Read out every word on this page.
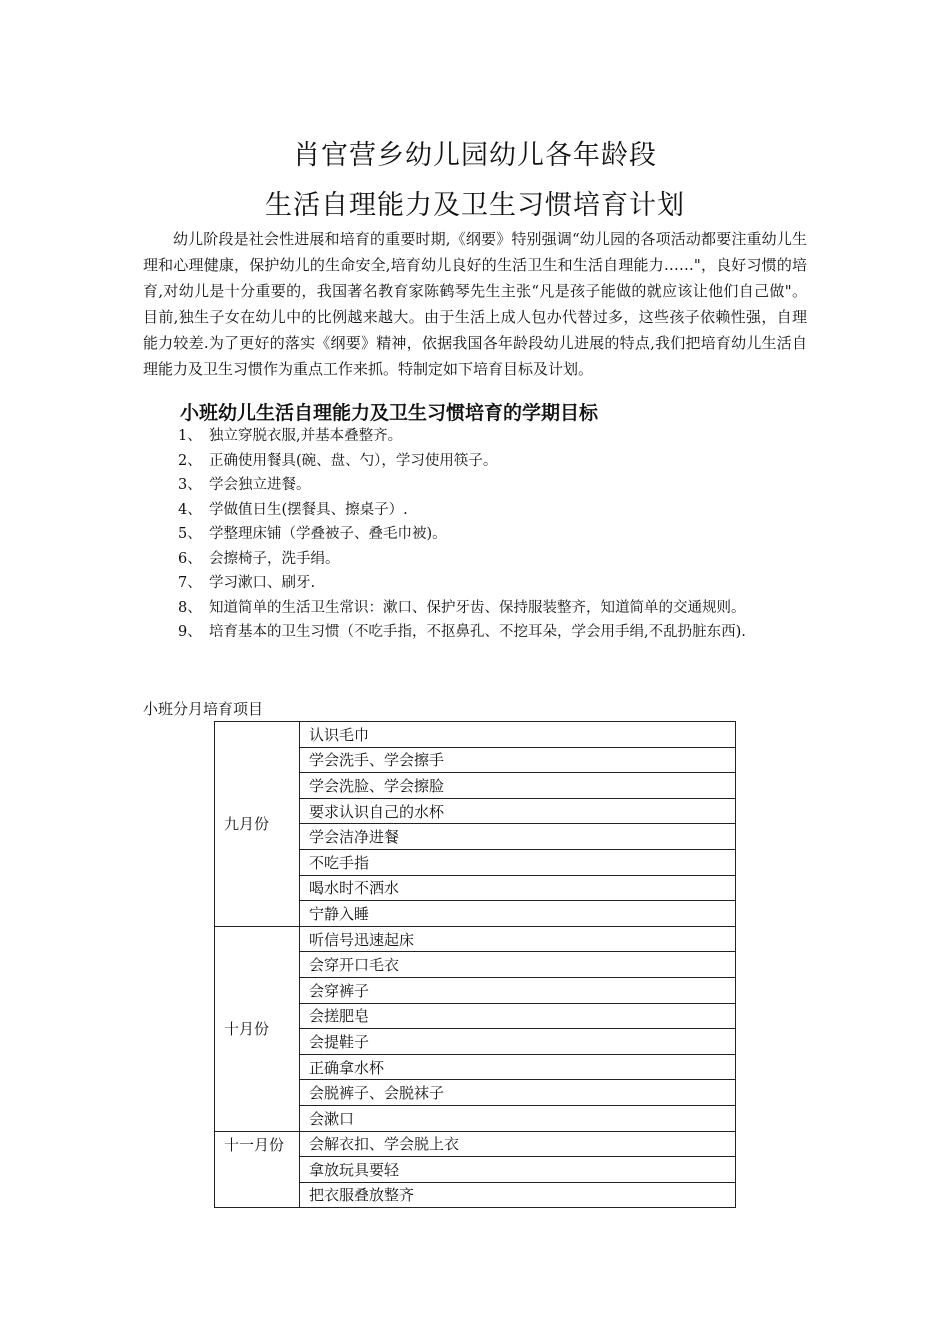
肖官营乡幼儿园幼儿各年龄段
生活自理能力及卫生习惯培育计划

幼儿阶段是社会性进展和培育的重要时期,《纲要》特别强调“幼儿园的各项活动都要注重幼儿生理和心理健康，保护幼儿的生命安全,培育幼儿良好的生活卫生和生活自理能力……"，良好习惯的培育,对幼儿是十分重要的，我国著名教育家陈鹤琴先生主张“凡是孩子能做的就应该让他们自己做"。目前,独生子女在幼儿中的比例越来越大。由于生活上成人包办代替过多，这些孩子依赖性强，自理能力较差.为了更好的落实《纲要》精神，依据我国各年龄段幼儿进展的特点,我们把培育幼儿生活自理能力及卫生习惯作为重点工作来抓。特制定如下培育目标及计划。

小班幼儿生活自理能力及卫生习惯培育的学期目标
1、 独立穿脱衣服,并基本叠整齐。
2、 正确使用餐具(碗、盘、勺），学习使用筷子。
3、 学会独立进餐。
4、 学做值日生(摆餐具、擦桌子）.
5、 学整理床铺（学叠被子、叠毛巾被)。
6、 会擦椅子，洗手绢。
7、 学习漱口、刷牙.
8、 知道简单的生活卫生常识：漱口、保护牙齿、保持服装整齐，知道简单的交通规则。
9、 培育基本的卫生习惯（不吃手指，不抠鼻孔、不挖耳朵，学会用手绢,不乱扔脏东西).
小班分月培育项目
九月份	认识毛巾
	学会洗手、学会擦手
	学会洗脸、学会擦脸
	要求认识自己的水杯
	学会洁净进餐
	不吃手指
	喝水时不洒水
	宁静入睡
十月份	听信号迅速起床
	会穿开口毛衣
	会穿裤子
	会搓肥皂
	会提鞋子
	正确拿水杯
	会脱裤子、会脱袜子
	会漱口
十一月份	会解衣扣、学会脱上衣
	拿放玩具要轻
	把衣服叠放整齐
